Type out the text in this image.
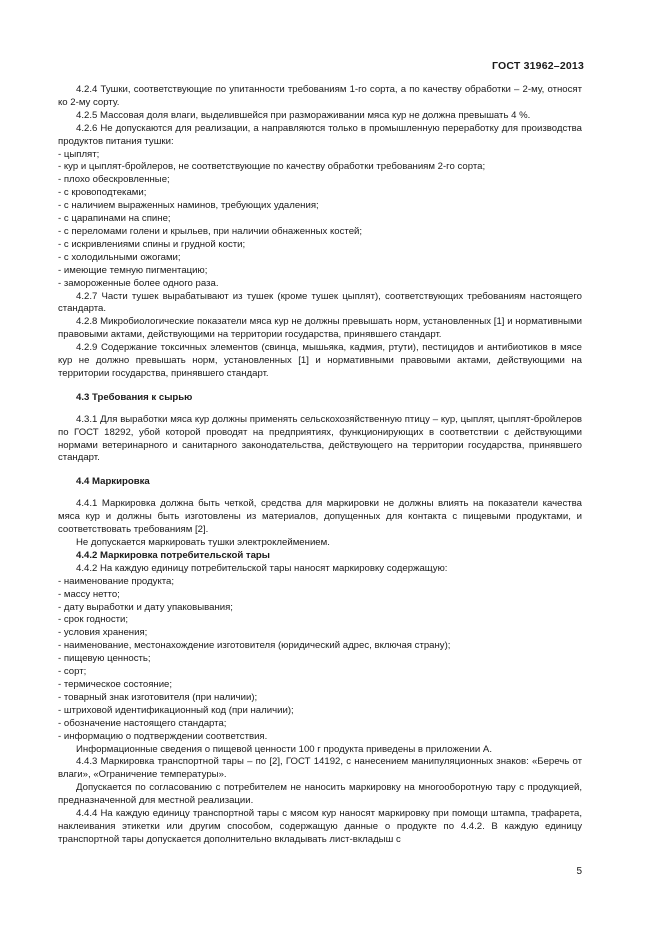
ГОСТ 31962–2013
4.2.4 Тушки, соответствующие по упитанности требованиям 1-го сорта, а по качеству обработки – 2-му, относят ко 2-му сорту.
4.2.5 Массовая доля влаги, выделившейся при размораживании мяса кур не должна превышать 4 %.
4.2.6 Не допускаются для реализации, а направляются только в промышленную переработку для производства продуктов питания тушки:
- цыплят;
- кур и цыплят-бройлеров, не соответствующие по качеству обработки требованиям 2-го сорта;
- плохо обескровленные;
- с кровоподтеками;
- с наличием выраженных наминов, требующих удаления;
- с царапинами на спине;
- с переломами голени и крыльев, при наличии обнаженных костей;
- с искривлениями спины и грудной кости;
- с холодильными ожогами;
- имеющие темную пигментацию;
- замороженные более одного раза.
4.2.7 Части тушек вырабатывают из тушек (кроме тушек цыплят), соответствующих требованиям настоящего стандарта.
4.2.8 Микробиологические показатели мяса кур не должны превышать норм, установленных [1] и нормативными правовыми актами, действующими на территории государства, принявшего стандарт.
4.2.9 Содержание токсичных элементов (свинца, мышьяка, кадмия, ртути), пестицидов и антибиотиков в мясе кур не должно превышать норм, установленных [1] и нормативными правовыми актами, действующими на территории государства, принявшего стандарт.
4.3 Требования к сырью
4.3.1 Для выработки мяса кур должны применять сельскохозяйственную птицу – кур, цыплят, цыплят-бройлеров по ГОСТ 18292, убой которой проводят на предприятиях, функционирующих в соответствии с действующими нормами ветеринарного и санитарного законодательства, действующего на территории государства, принявшего стандарт.
4.4 Маркировка
4.4.1 Маркировка должна быть четкой, средства для маркировки не должны влиять на показатели качества мяса кур и должны быть изготовлены из материалов, допущенных для контакта с пищевыми продуктами, и соответствовать требованиям [2].
Не допускается маркировать тушки электроклеймением.
4.4.2 Маркировка потребительской тары
4.4.2 На каждую единицу потребительской тары наносят маркировку содержащую:
- наименование продукта;
- массу нетто;
- дату выработки и дату упаковывания;
- срок годности;
- условия хранения;
- наименование, местонахождение изготовителя (юридический адрес, включая страну);
- пищевую ценность;
- сорт;
- термическое состояние;
- товарный знак изготовителя (при наличии);
- штриховой идентификационный код (при наличии);
- обозначение настоящего стандарта;
- информацию о подтверждении соответствия.
Информационные сведения о пищевой ценности 100 г продукта приведены в приложении А.
4.4.3 Маркировка транспортной тары – по [2], ГОСТ 14192, с нанесением манипуляционных знаков: «Беречь от влаги», «Ограничение температуры».
Допускается по согласованию с потребителем не наносить маркировку на многооборотную тару с продукцией, предназначенной для местной реализации.
4.4.4 На каждую единицу транспортной тары с мясом кур наносят маркировку при помощи штампа, трафарета, наклеивания этикетки или другим способом, содержащую данные о продукте по 4.4.2. В каждую единицу транспортной тары допускается дополнительно вкладывать лист-вкладыш с
5
